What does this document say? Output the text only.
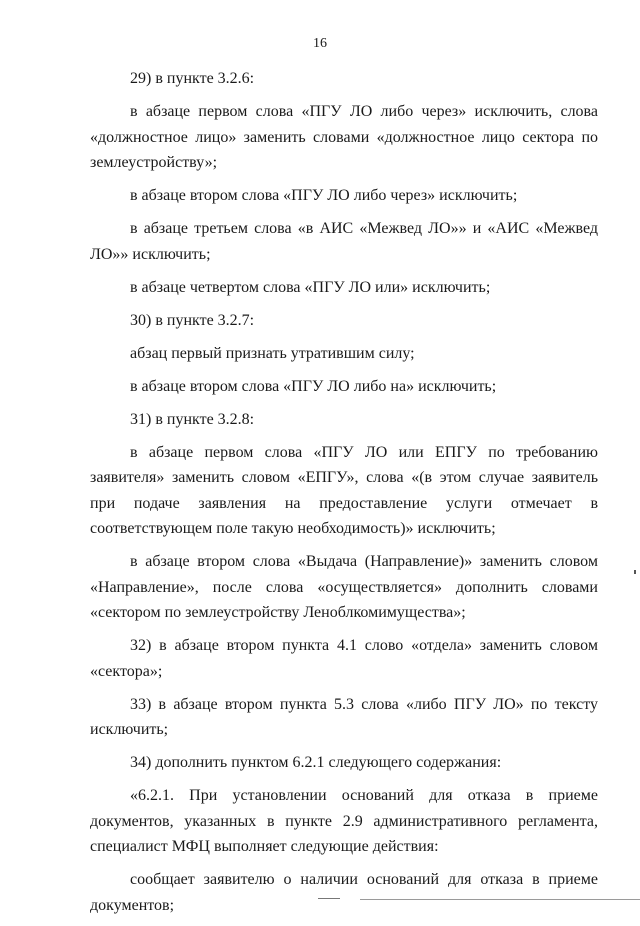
16

29) в пункте 3.2.6:

в абзаце первом слова «ПГУ ЛО либо через» исключить, слова «должностное лицо» заменить словами «должностное лицо сектора по землеустройству»;

в абзаце втором слова «ПГУ ЛО либо через» исключить;

в абзаце третьем слова «в АИС «Межвед ЛО»» и «АИС «Межвед ЛО»» исключить;

в абзаце четвертом слова «ПГУ ЛО или» исключить;

30) в пункте 3.2.7:

абзац первый признать утратившим силу;

в абзаце втором слова «ПГУ ЛО либо на» исключить;

31) в пункте 3.2.8:

в абзаце первом слова «ПГУ ЛО или ЕПГУ по требованию заявителя» заменить словом «ЕПГУ», слова «(в этом случае заявитель при подаче заявления на предоставление услуги отмечает в соответствующем поле такую необходимость)» исключить;

в абзаце втором слова «Выдача (Направление)» заменить словом «Направление», после слова «осуществляется» дополнить словами «сектором по землеустройству Леноблкомимущества»;

32) в абзаце втором пункта 4.1 слово «отдела» заменить словом «сектора»;

33) в абзаце втором пункта 5.3 слова «либо ПГУ ЛО» по тексту исключить;

34) дополнить пунктом 6.2.1 следующего содержания:

«6.2.1. При установлении оснований для отказа в приеме документов, указанных в пункте 2.9 административного регламента, специалист МФЦ выполняет следующие действия:

сообщает заявителю о наличии оснований для отказа в приеме документов;
